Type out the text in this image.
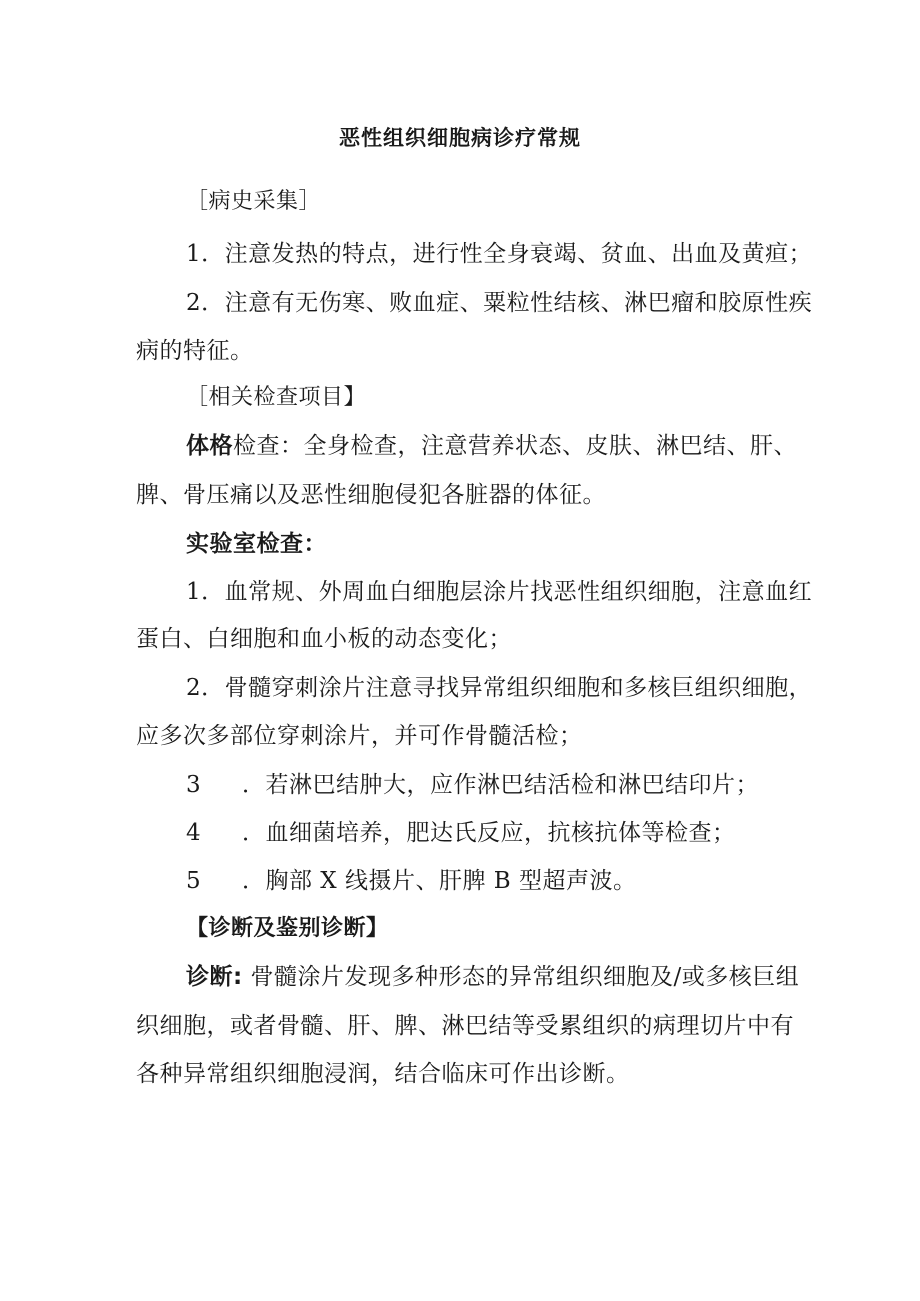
恶性组织细胞病诊疗常规
［病史采集］
1．注意发热的特点，进行性全身衰竭、贫血、出血及黄疸；
2．注意有无伤寒、败血症、粟粒性结核、淋巴瘤和胶原性疾
病的特征。
［相关检查项目】
体格检查：全身检查，注意营养状态、皮肤、淋巴结、肝、
脾、骨压痛以及恶性细胞侵犯各脏器的体征。
实验室检查：
1．血常规、外周血白细胞层涂片找恶性组织细胞，注意血红
蛋白、白细胞和血小板的动态变化；
2．骨髓穿刺涂片注意寻找异常组织细胞和多核巨组织细胞，
应多次多部位穿刺涂片，并可作骨髓活检；
3 ．若淋巴结肿大，应作淋巴结活检和淋巴结印片；
4 ．血细菌培养，肥达氏反应，抗核抗体等检查；
5 ．胸部 X 线摄片、肝脾 B 型超声波。
【诊断及鉴别诊断】
诊断: 骨髓涂片发现多种形态的异常组织细胞及/或多核巨组
织细胞，或者骨髓、肝、脾、淋巴结等受累组织的病理切片中有
各种异常组织细胞浸润，结合临床可作出诊断。
